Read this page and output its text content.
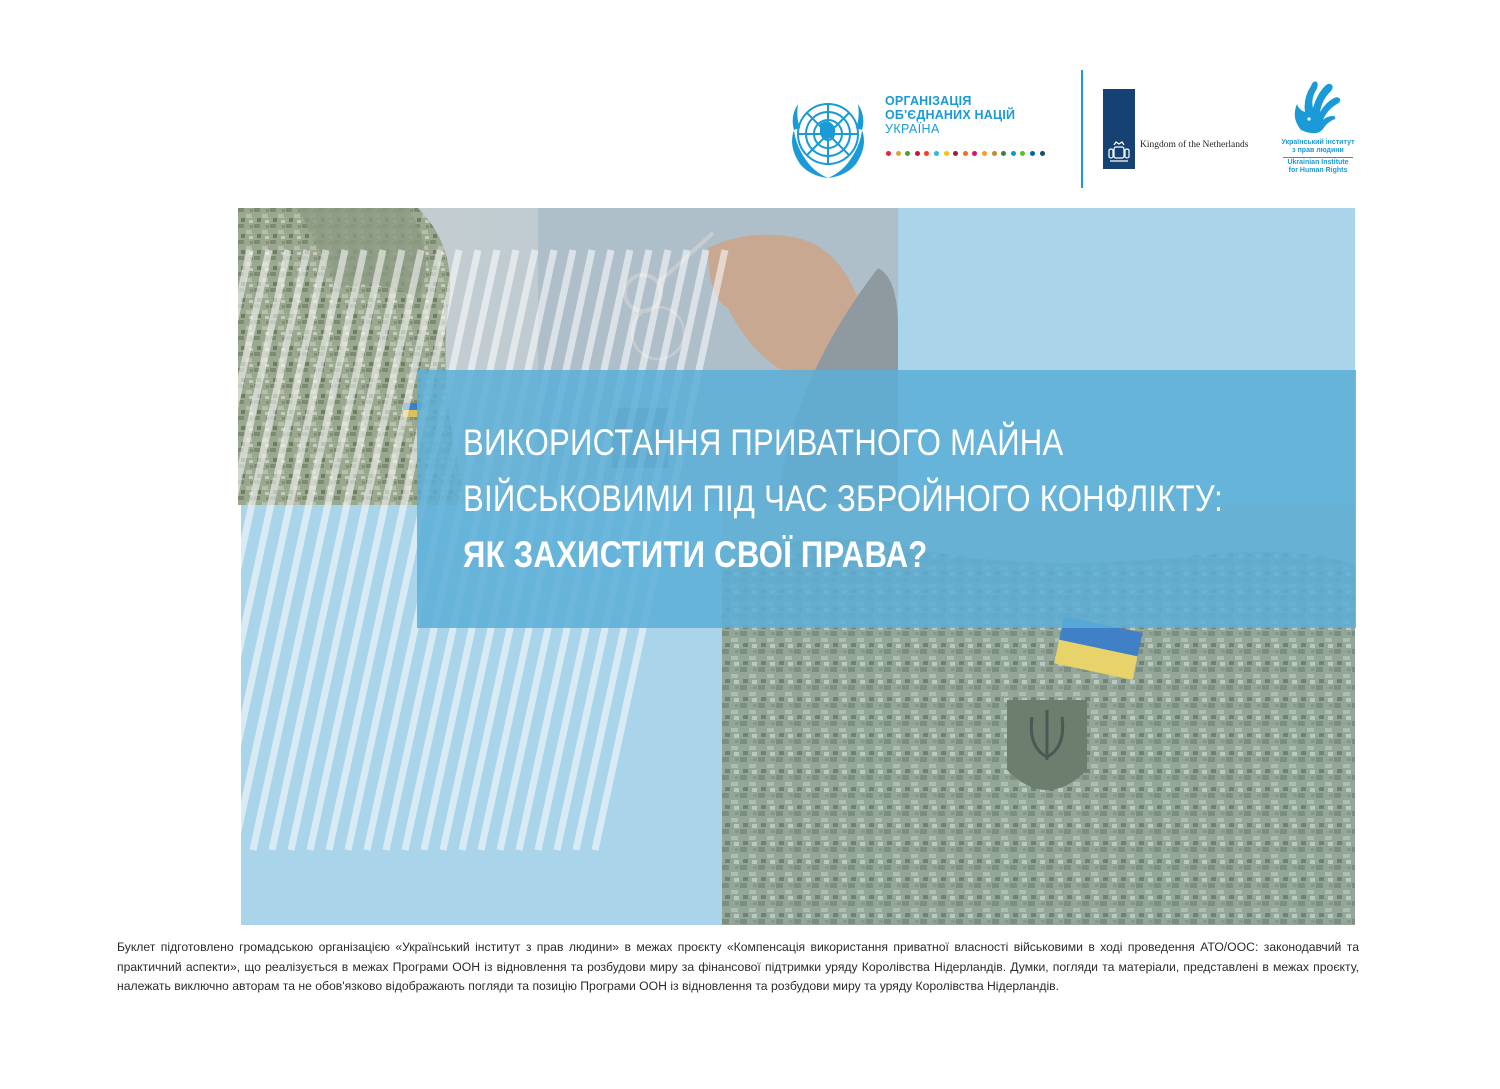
ОРГАНІЗАЦІЯ
ОБ'ЄДНАНИХ НАЦІЙ
УКРАЇНА
Kingdom of the Netherlands	Український інститут
з прав людини
Ukrainian Institute
for Human Rights
ВИКОРИСТАННЯ ПРИВАТНОГО МАЙНА
ВІЙСЬКОВИМИ ПІД ЧАС ЗБРОЙНОГО КОНФЛІКТУ:
ЯК ЗАХИСТИТИ СВОЇ ПРАВА?
Буклет підготовлено громадською організацією «Український інститут з прав людини» в межах проєкту «Компенсація використання приватної власності військовими в ході проведення АТО/ООС: законодавчий та практичний аспекти», що реалізується в межах Програми ООН із відновлення та розбудови миру за фінансової підтримки уряду Королівства Нідерландів. Думки, погляди та матеріали, представлені в межах проєкту, належать виключно авторам та не обов'язково відображають погляди та позицію Програми ООН із відновлення та розбудови миру та уряду Королівства Нідерландів.
